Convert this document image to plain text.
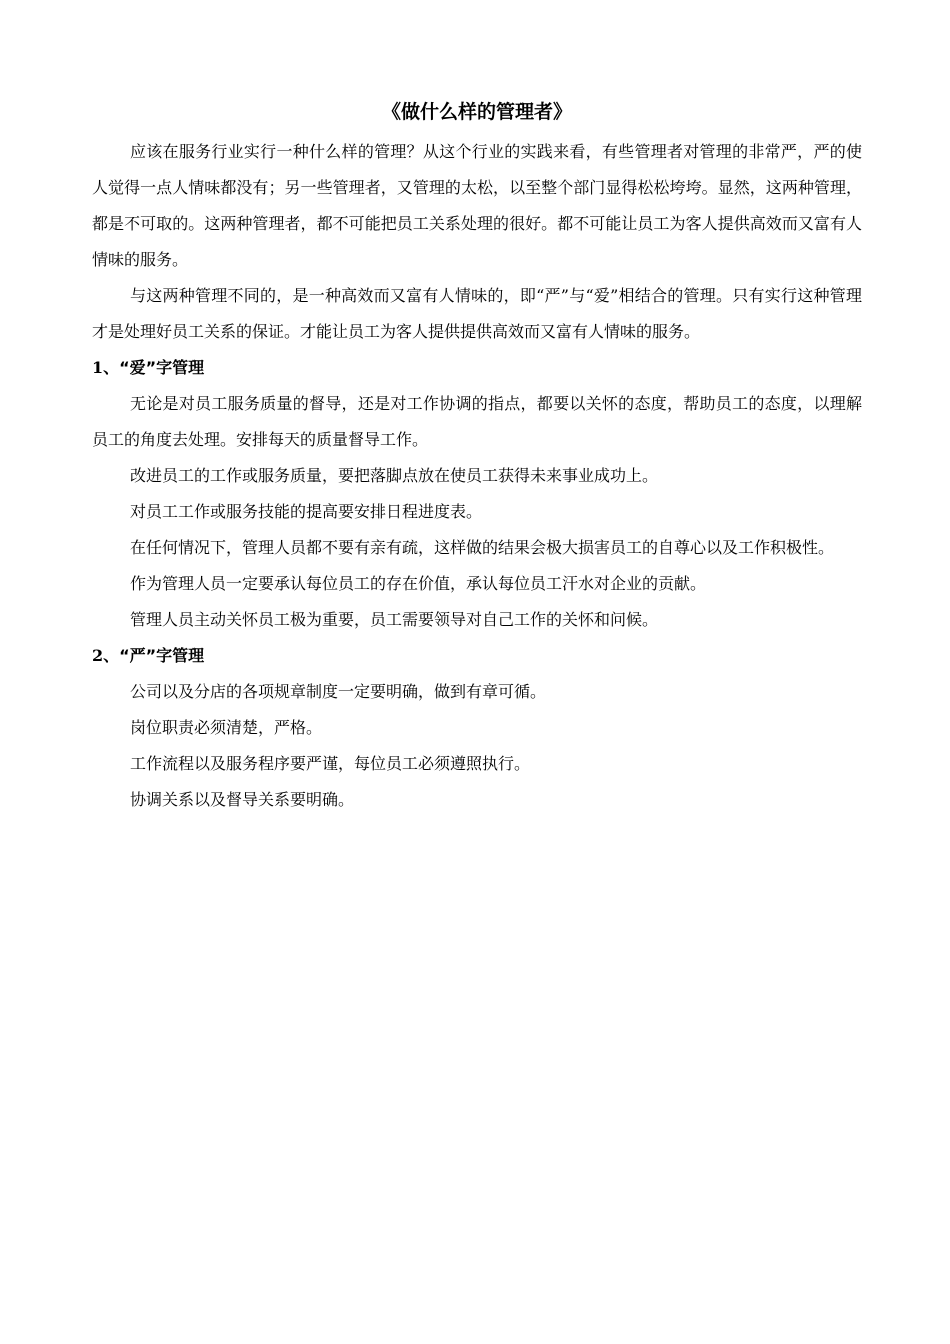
《做什么样的管理者》

应该在服务行业实行一种什么样的管理？从这个行业的实践来看，有些管理者对管理的非常严，严的使人觉得一点人情味都没有；另一些管理者，又管理的太松，以至整个部门显得松松垮垮。显然，这两种管理，都是不可取的。这两种管理者，都不可能把员工关系处理的很好。都不可能让员工为客人提供高效而又富有人情味的服务。

与这两种管理不同的，是一种高效而又富有人情味的，即“严”与“爱”相结合的管理。只有实行这种管理才是处理好员工关系的保证。才能让员工为客人提供提供高效而又富有人情味的服务。

1、“爱”字管理

无论是对员工服务质量的督导，还是对工作协调的指点，都要以关怀的态度，帮助员工的态度，以理解员工的角度去处理。安排每天的质量督导工作。

改进员工的工作或服务质量，要把落脚点放在使员工获得未来事业成功上。

对员工工作或服务技能的提高要安排日程进度表。

在任何情况下，管理人员都不要有亲有疏，这样做的结果会极大损害员工的自尊心以及工作积极性。

作为管理人员一定要承认每位员工的存在价值，承认每位员工汗水对企业的贡献。

管理人员主动关怀员工极为重要，员工需要领导对自己工作的关怀和问候。

2、“严”字管理

公司以及分店的各项规章制度一定要明确，做到有章可循。

岗位职责必须清楚，严格。

工作流程以及服务程序要严谨，每位员工必须遵照执行。

协调关系以及督导关系要明确。
